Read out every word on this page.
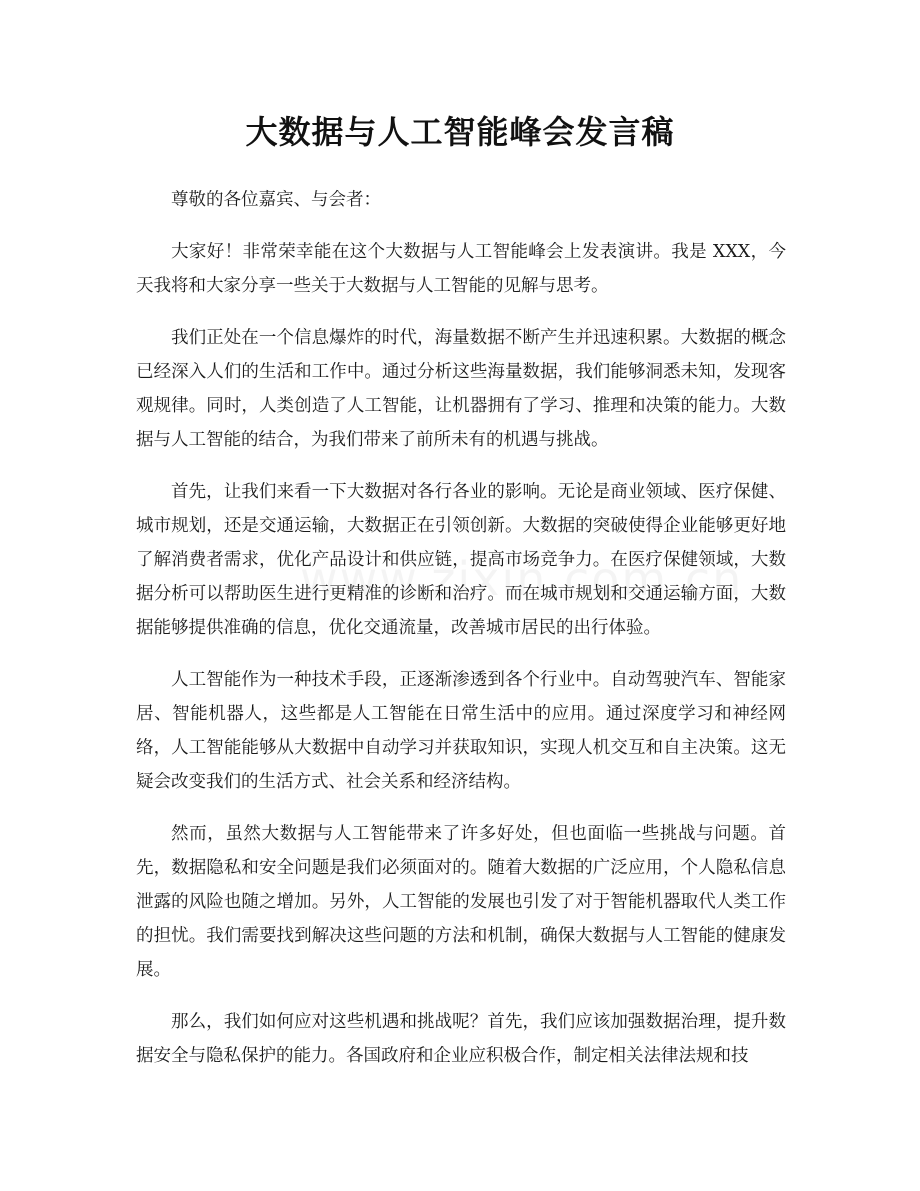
大数据与人工智能峰会发言稿

尊敬的各位嘉宾、与会者：

大家好！非常荣幸能在这个大数据与人工智能峰会上发表演讲。我是 XXX，今天我将和大家分享一些关于大数据与人工智能的见解与思考。

我们正处在一个信息爆炸的时代，海量数据不断产生并迅速积累。大数据的概念已经深入人们的生活和工作中。通过分析这些海量数据，我们能够洞悉未知，发现客观规律。同时，人类创造了人工智能，让机器拥有了学习、推理和决策的能力。大数据与人工智能的结合，为我们带来了前所未有的机遇与挑战。

首先，让我们来看一下大数据对各行各业的影响。无论是商业领域、医疗保健、城市规划，还是交通运输，大数据正在引领创新。大数据的突破使得企业能够更好地了解消费者需求，优化产品设计和供应链，提高市场竞争力。在医疗保健领域，大数据分析可以帮助医生进行更精准的诊断和治疗。而在城市规划和交通运输方面，大数据能够提供准确的信息，优化交通流量，改善城市居民的出行体验。

人工智能作为一种技术手段，正逐渐渗透到各个行业中。自动驾驶汽车、智能家居、智能机器人，这些都是人工智能在日常生活中的应用。通过深度学习和神经网络，人工智能能够从大数据中自动学习并获取知识，实现人机交互和自主决策。这无疑会改变我们的生活方式、社会关系和经济结构。

然而，虽然大数据与人工智能带来了许多好处，但也面临一些挑战与问题。首先，数据隐私和安全问题是我们必须面对的。随着大数据的广泛应用，个人隐私信息泄露的风险也随之增加。另外，人工智能的发展也引发了对于智能机器取代人类工作的担忧。我们需要找到解决这些问题的方法和机制，确保大数据与人工智能的健康发展。

那么，我们如何应对这些机遇和挑战呢？首先，我们应该加强数据治理，提升数据安全与隐私保护的能力。各国政府和企业应积极合作，制定相关法律法规和技
